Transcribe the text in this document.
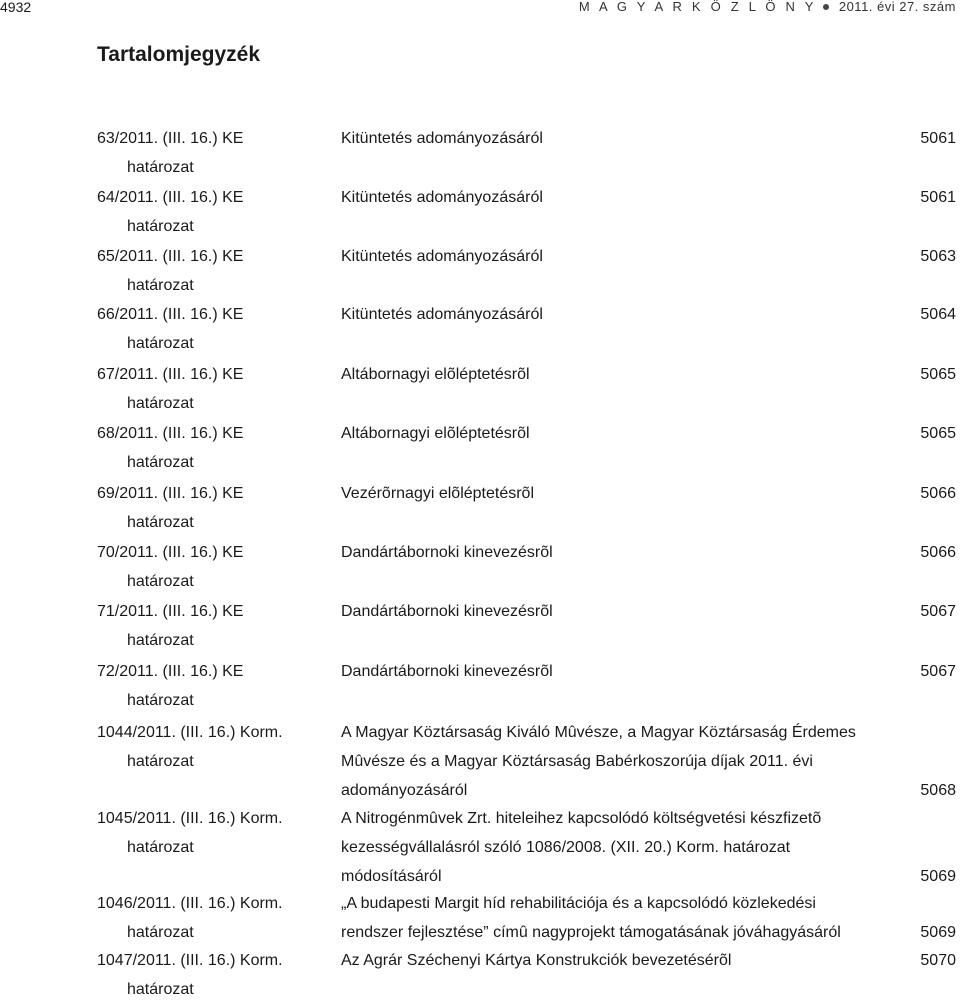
4932	M A G Y A R K Ö Z L Ö N Y 2011. évi 27. szám
Tartalomjegyzék
63/2011. (III. 16.) KE
határozat
Kitüntetés adományozásáról	5061
64/2011. (III. 16.) KE
határozat
Kitüntetés adományozásáról	5061
65/2011. (III. 16.) KE
határozat
Kitüntetés adományozásáról	5063
66/2011. (III. 16.) KE
határozat
Kitüntetés adományozásáról	5064
67/2011. (III. 16.) KE
határozat
Altábornagyi elõléptetésrõl	5065
68/2011. (III. 16.) KE
határozat
Altábornagyi elõléptetésrõl	5065
69/2011. (III. 16.) KE
határozat
Vezérõrnagyi elõléptetésrõl	5066
70/2011. (III. 16.) KE
határozat
Dandártábornoki kinevezésrõl	5066
71/2011. (III. 16.) KE
határozat
Dandártábornoki kinevezésrõl	5067
72/2011. (III. 16.) KE
határozat
Dandártábornoki kinevezésrõl	5067
1044/2011. (III. 16.) Korm.
határozat
A Magyar Köztársaság Kiváló Mûvésze, a Magyar Köztársaság Érdemes
Mûvésze és a Magyar Köztársaság Babérkoszorúja díjak 2011. évi
adományozásáról	5068
1045/2011. (III. 16.) Korm.
határozat
A Nitrogénmûvek Zrt. hiteleihez kapcsolódó költségvetési készfizetõ
kezességvállalásról szóló 1086/2008. (XII. 20.) Korm. határozat
módosításáról	5069
1046/2011. (III. 16.) Korm.
határozat
„A budapesti Margit híd rehabilitációja és a kapcsolódó közlekedési
rendszer fejlesztése” címû nagyprojekt támogatásának jóváhagyásáról	5069
1047/2011. (III. 16.) Korm.
határozat
Az Agrár Széchenyi Kártya Konstrukciók bevezetésérõl	5070
